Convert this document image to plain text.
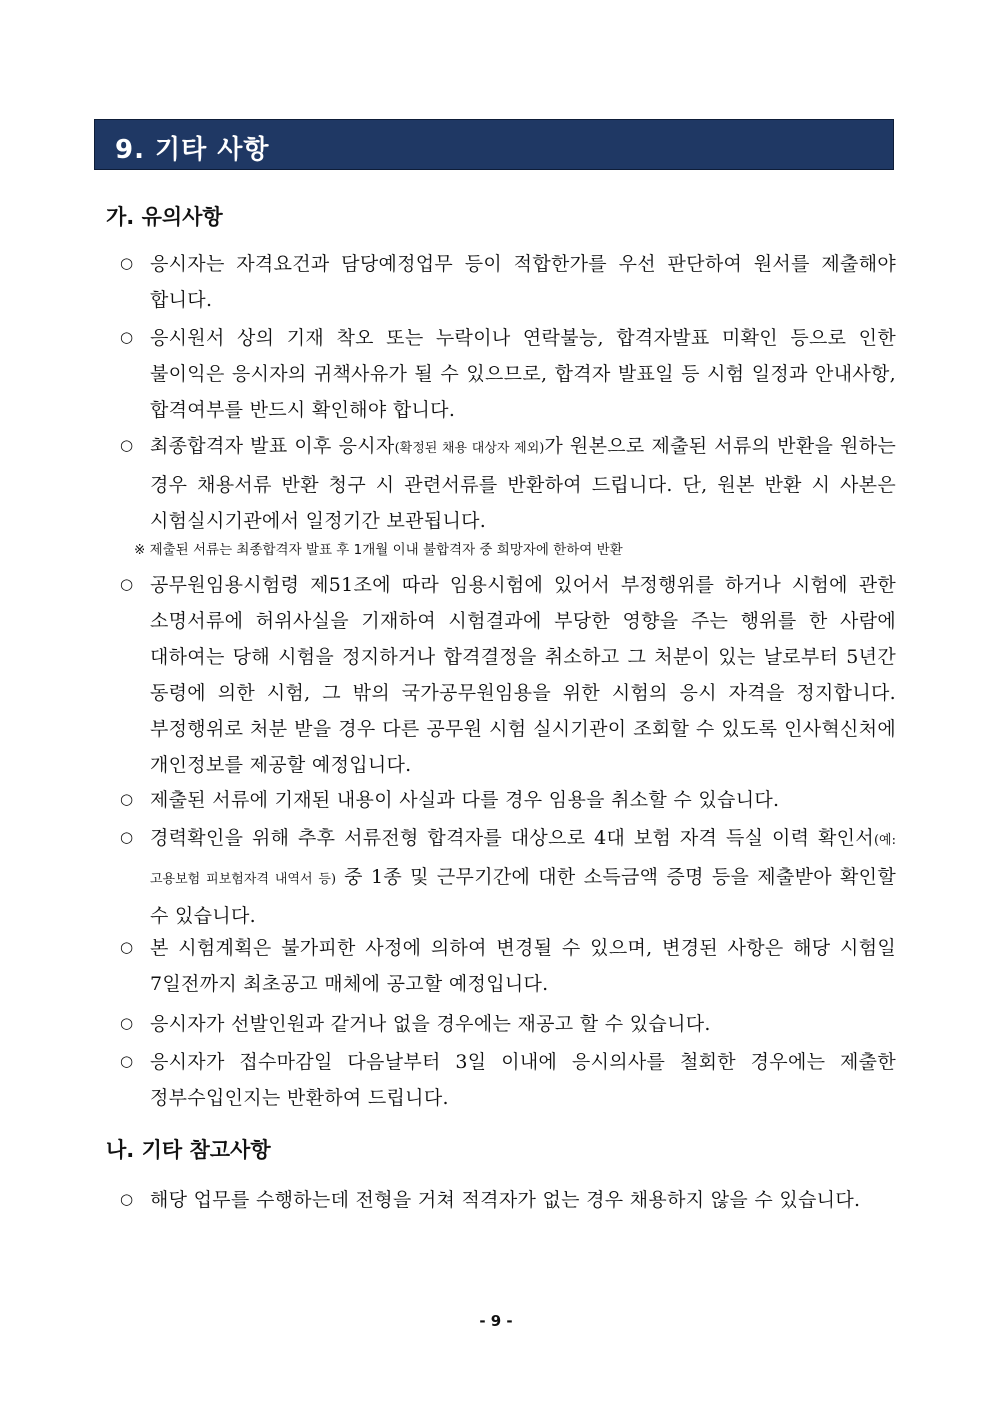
9. 기타 사항
가. 유의사항
○ 응시자는 자격요건과 담당예정업무 등이 적합한가를 우선 판단하여 원서를 제출해야 합니다.
○ 응시원서 상의 기재 착오 또는 누락이나 연락불능, 합격자발표 미확인 등으로 인한 불이익은 응시자의 귀책사유가 될 수 있으므로, 합격자 발표일 등 시험 일정과 안내사항, 합격여부를 반드시 확인해야 합니다.
○ 최종합격자 발표 이후 응시자(확정된 채용 대상자 제외)가 원본으로 제출된 서류의 반환을 원하는 경우 채용서류 반환 청구 시 관련서류를 반환하여 드립니다. 단, 원본 반환 시 사본은 시험실시기관에서 일정기간 보관됩니다.
※ 제출된 서류는 최종합격자 발표 후 1개월 이내 불합격자 중 희망자에 한하여 반환
○ 공무원임용시험령 제51조에 따라 임용시험에 있어서 부정행위를 하거나 시험에 관한 소명서류에 허위사실을 기재하여 시험결과에 부당한 영향을 주는 행위를 한 사람에 대하여는 당해 시험을 정지하거나 합격결정을 취소하고 그 처분이 있는 날로부터 5년간 동령에 의한 시험, 그 밖의 국가공무원임용을 위한 시험의 응시 자격을 정지합니다. 부정행위로 처분 받을 경우 다른 공무원 시험 실시기관이 조회할 수 있도록 인사혁신처에 개인정보를 제공할 예정입니다.
○ 제출된 서류에 기재된 내용이 사실과 다를 경우 임용을 취소할 수 있습니다.
○ 경력확인을 위해 추후 서류전형 합격자를 대상으로 4대 보험 자격 득실 이력 확인서(예: 고용보험 피보험자격 내역서 등) 중 1종 및 근무기간에 대한 소득금액 증명 등을 제출받아 확인할 수 있습니다.
○ 본 시험계획은 불가피한 사정에 의하여 변경될 수 있으며, 변경된 사항은 해당 시험일 7일전까지 최초공고 매체에 공고할 예정입니다.
○ 응시자가 선발인원과 같거나 없을 경우에는 재공고 할 수 있습니다.
○ 응시자가 접수마감일 다음날부터 3일 이내에 응시의사를 철회한 경우에는 제출한 정부수입인지는 반환하여 드립니다.
나. 기타 참고사항
○ 해당 업무를 수행하는데 전형을 거쳐 적격자가 없는 경우 채용하지 않을 수 있습니다.
- 9 -
